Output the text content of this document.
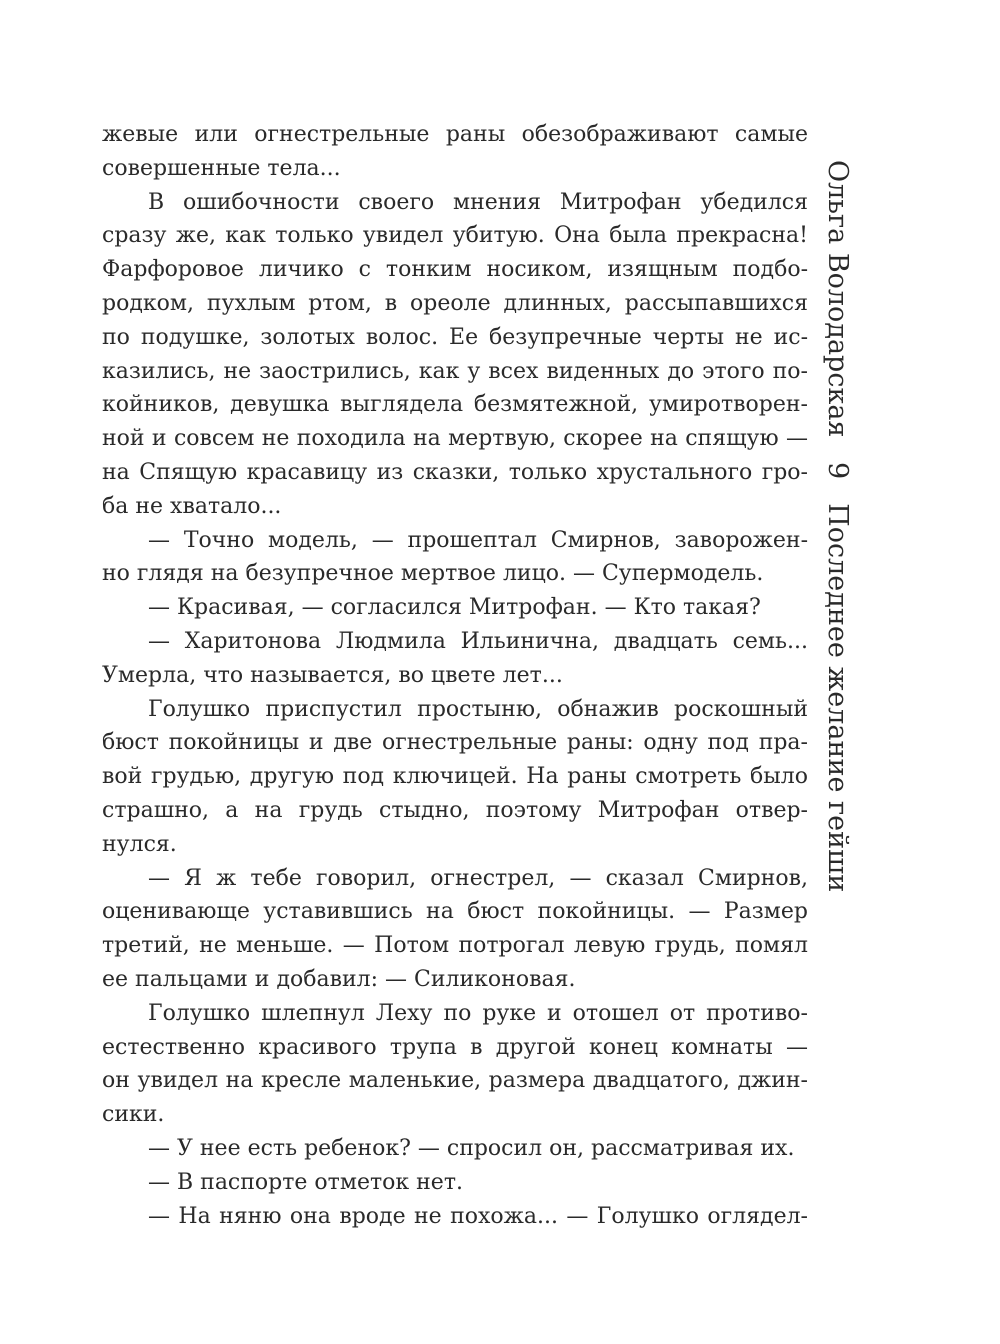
жевые или огнестрельные раны обезображивают самые
совершенные тела...
В ошибочности своего мнения Митрофан убедился
сразу же, как только увидел убитую. Она была прекрасна!
Фарфоровое личико с тонким носиком, изящным подбо-
родком, пухлым ртом, в ореоле длинных, рассыпавшихся
по подушке, золотых волос. Ее безупречные черты не ис-
казились, не заострились, как у всех виденных до этого по-
койников, девушка выглядела безмятежной, умиротворен-
ной и совсем не походила на мертвую, скорее на спящую —
на Спящую красавицу из сказки, только хрустального гро-
ба не хватало...
— Точно модель, — прошептал Смирнов, заворожен-
но глядя на безупречное мертвое лицо. — Супермодель.
— Красивая, — согласился Митрофан. — Кто такая?
— Харитонова Людмила Ильинична, двадцать семь...
Умерла, что называется, во цвете лет...
Голушко приспустил простыню, обнажив роскошный
бюст покойницы и две огнестрельные раны: одну под пра-
вой грудью, другую под ключицей. На раны смотреть было
страшно, а на грудь стыдно, поэтому Митрофан отвер-
нулся.
— Я ж тебе говорил, огнестрел, — сказал Смирнов,
оценивающе уставившись на бюст покойницы. — Размер
третий, не меньше. — Потом потрогал левую грудь, помял
ее пальцами и добавил: — Силиконовая.
Голушко шлепнул Леху по руке и отошел от противо-
естественно красивого трупа в другой конец комнаты —
он увидел на кресле маленькие, размера двадцатого, джин-
сики.
— У нее есть ребенок? — спросил он, рассматривая их.
— В паспорте отметок нет.
— На няню она вроде не похожа... — Голушко оглядел-
Ольга Володарская
9
Последнее желание гейши
